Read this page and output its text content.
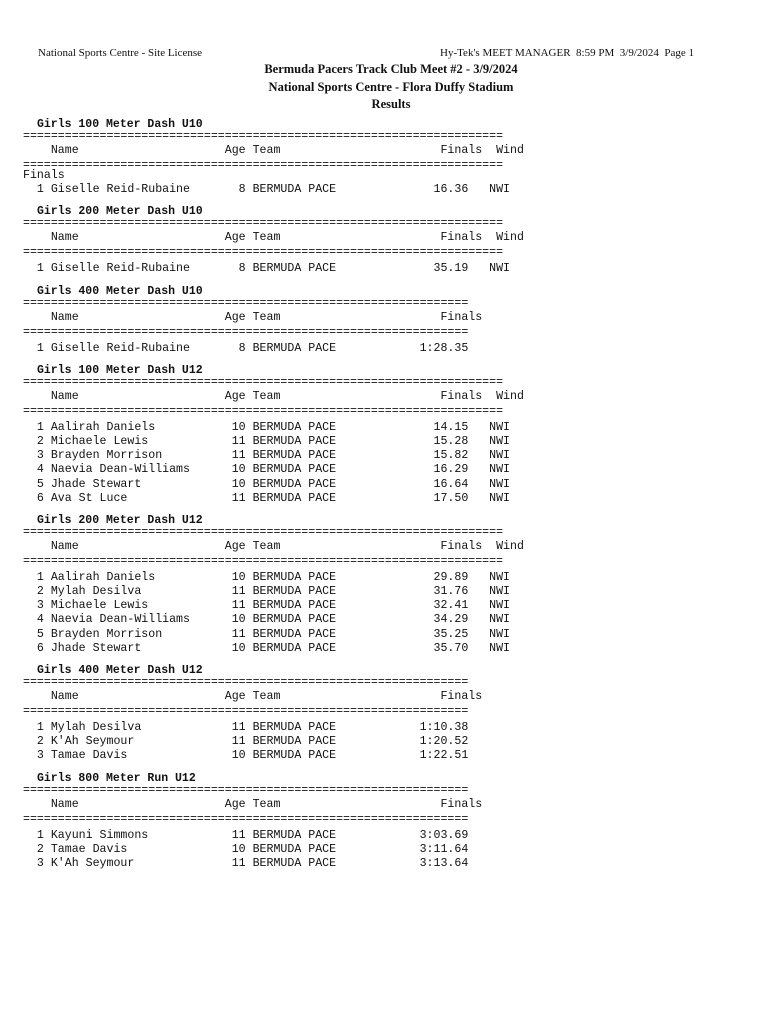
National Sports Centre - Site License	Hy-Tek's MEET MANAGER  8:59 PM  3/9/2024  Page 1
Bermuda Pacers Track Club Meet #2 - 3/9/2024
National Sports Centre - Flora Duffy Stadium
Results
Girls 100 Meter Dash U10
=====================================================================
Name                     Age Team                       Finals  Wind
=====================================================================
Finals
1 Giselle Reid-Rubaine       8 BERMUDA PACE              16.36   NWI
Girls 200 Meter Dash U10
=====================================================================
Name                     Age Team                       Finals  Wind
=====================================================================
1 Giselle Reid-Rubaine       8 BERMUDA PACE              35.19   NWI
Girls 400 Meter Dash U10
================================================================
Name                     Age Team                       Finals
================================================================
1 Giselle Reid-Rubaine       8 BERMUDA PACE            1:28.35
Girls 100 Meter Dash U12
=====================================================================
Name                     Age Team                       Finals  Wind
=====================================================================
1 Aalirah Daniels           10 BERMUDA PACE              14.15   NWI
2 Michaele Lewis            11 BERMUDA PACE              15.28   NWI
3 Brayden Morrison          11 BERMUDA PACE              15.82   NWI
4 Naevia Dean-Williams      10 BERMUDA PACE              16.29   NWI
5 Jhade Stewart             10 BERMUDA PACE              16.64   NWI
6 Ava St Luce               11 BERMUDA PACE              17.50   NWI
Girls 200 Meter Dash U12
=====================================================================
Name                     Age Team                       Finals  Wind
=====================================================================
1 Aalirah Daniels           10 BERMUDA PACE              29.89   NWI
2 Mylah Desilva             11 BERMUDA PACE              31.76   NWI
3 Michaele Lewis            11 BERMUDA PACE              32.41   NWI
4 Naevia Dean-Williams      10 BERMUDA PACE              34.29   NWI
5 Brayden Morrison          11 BERMUDA PACE              35.25   NWI
6 Jhade Stewart             10 BERMUDA PACE              35.70   NWI
Girls 400 Meter Dash U12
================================================================
Name                     Age Team                       Finals
================================================================
1 Mylah Desilva             11 BERMUDA PACE            1:10.38
2 K'Ah Seymour              11 BERMUDA PACE            1:20.52
3 Tamae Davis               10 BERMUDA PACE            1:22.51
Girls 800 Meter Run U12
================================================================
Name                     Age Team                       Finals
================================================================
1 Kayuni Simmons            11 BERMUDA PACE            3:03.69
2 Tamae Davis               10 BERMUDA PACE            3:11.64
3 K'Ah Seymour              11 BERMUDA PACE            3:13.64
